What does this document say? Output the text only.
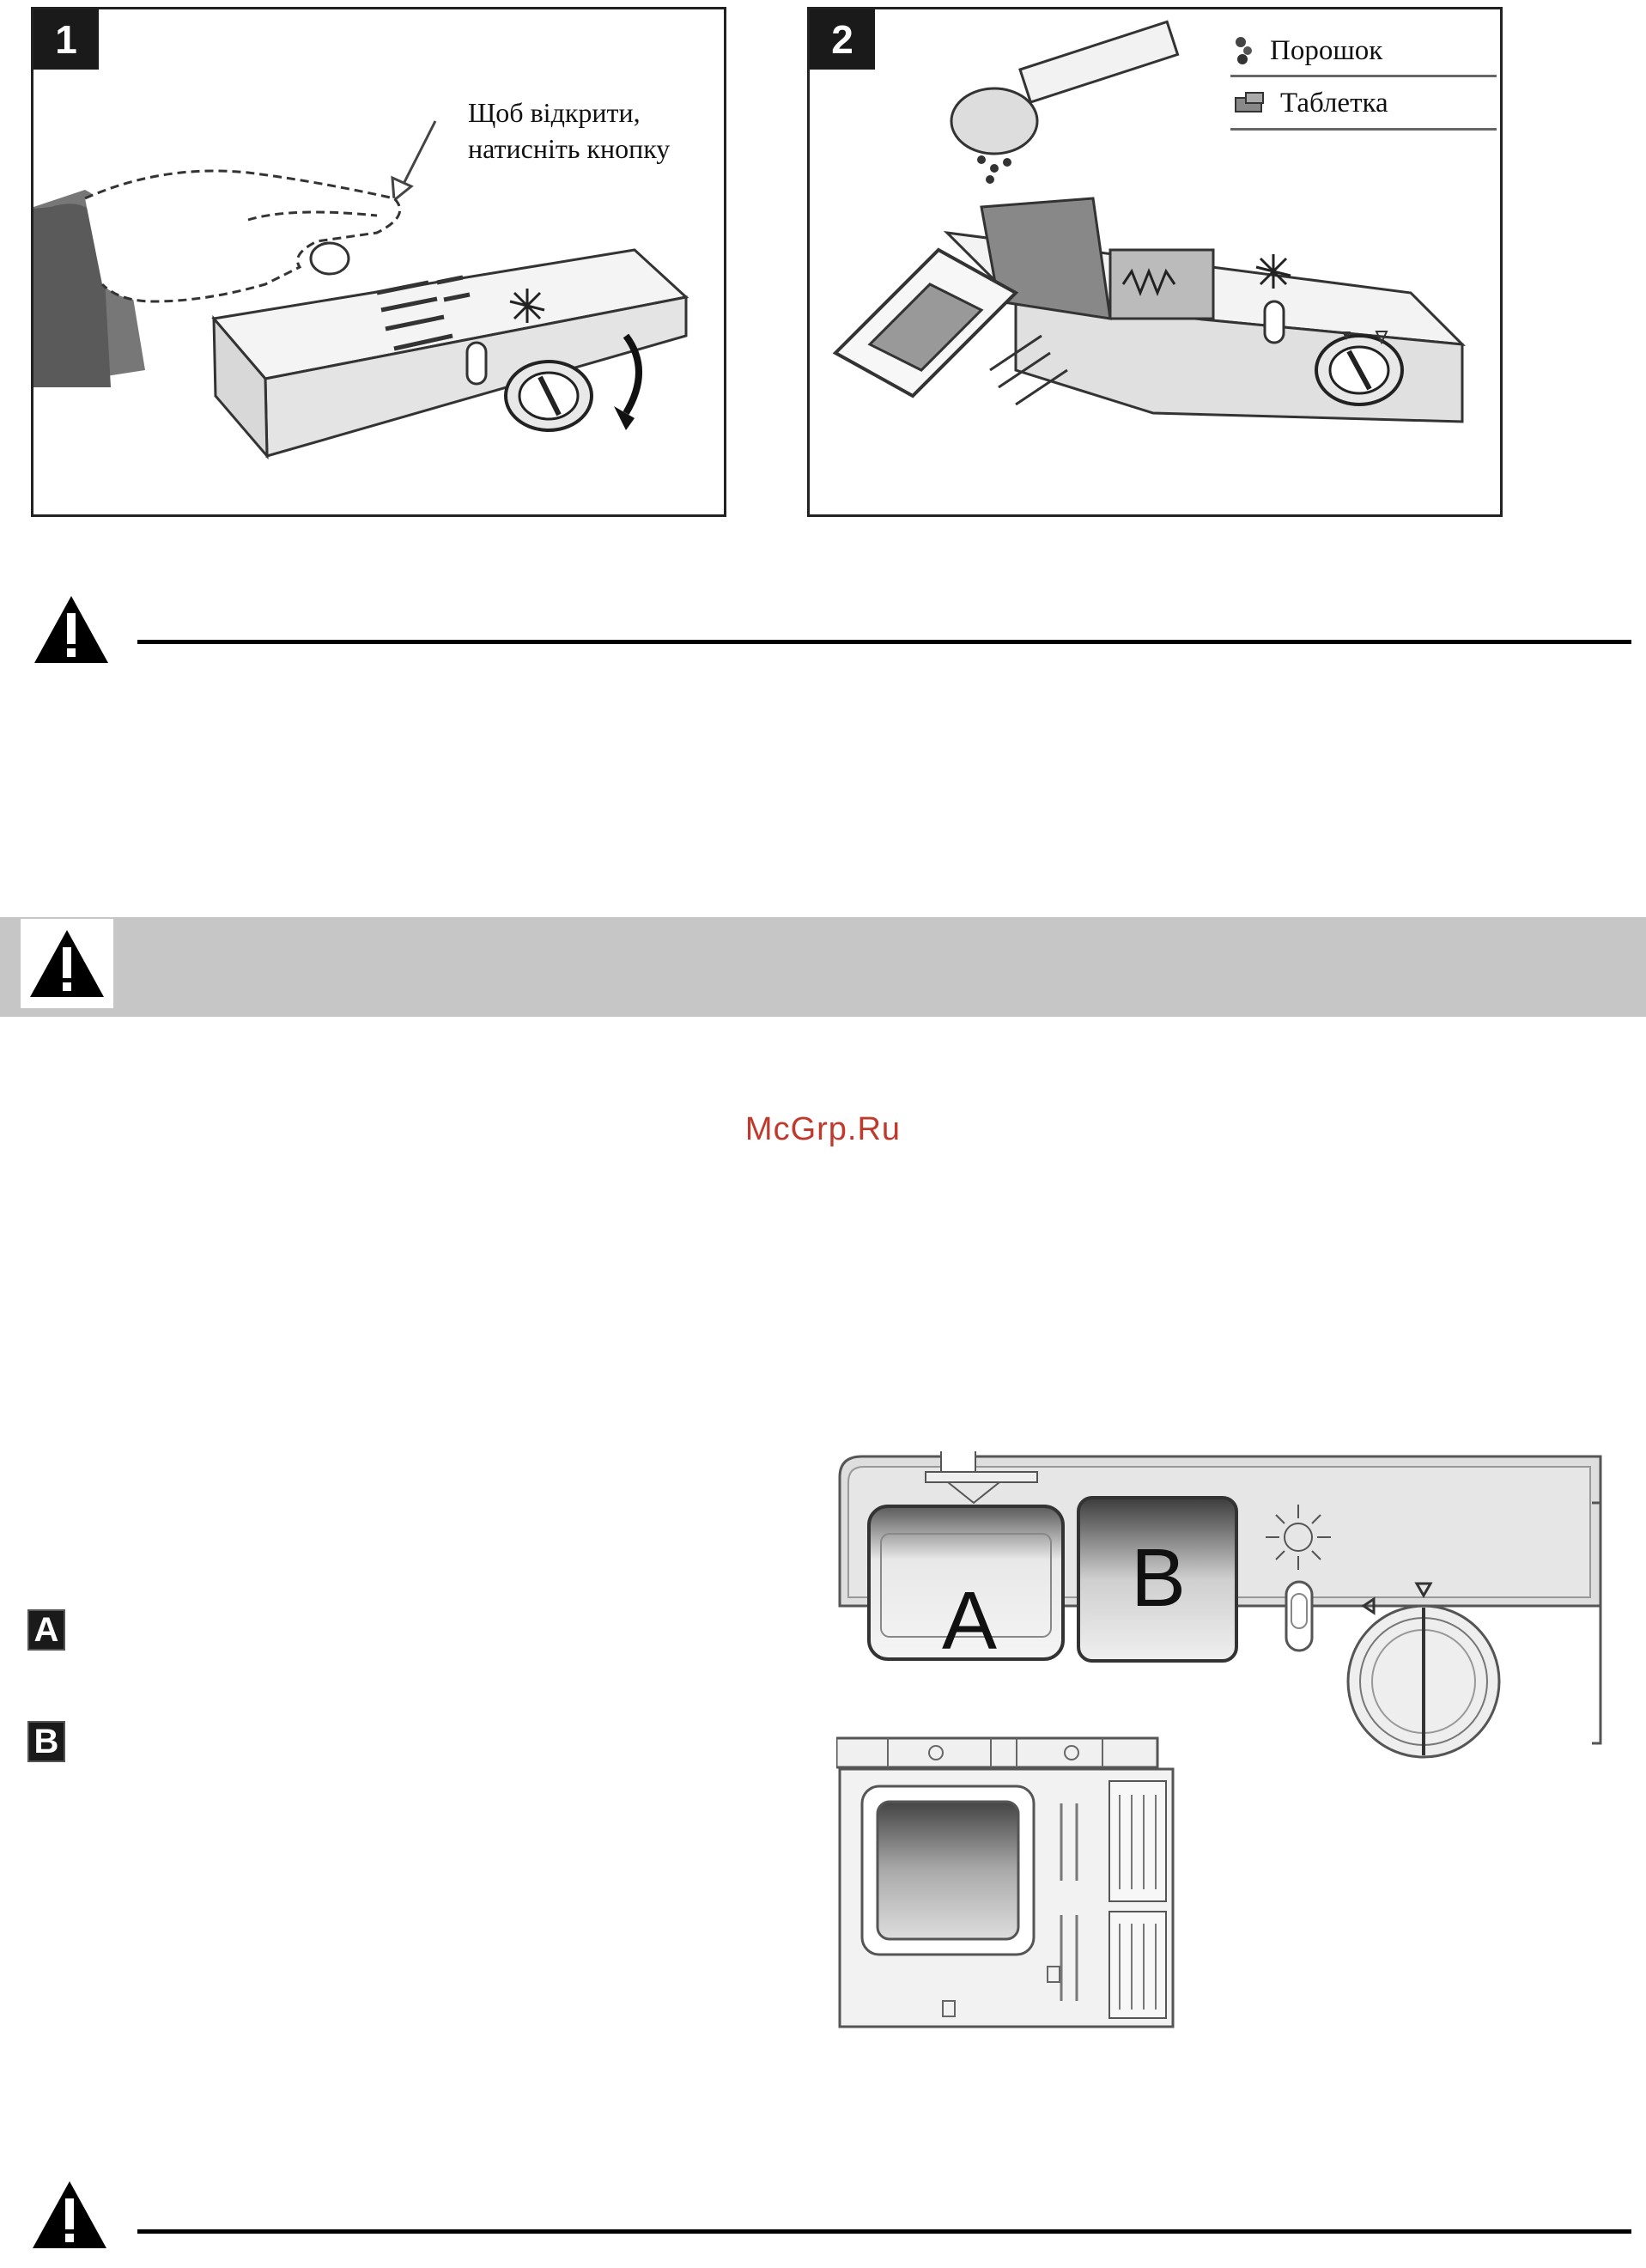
1
Щоб відкрити,
натисніть кнопку
2	Порошок
Таблетка
McGrp.Ru
A
B
A B
